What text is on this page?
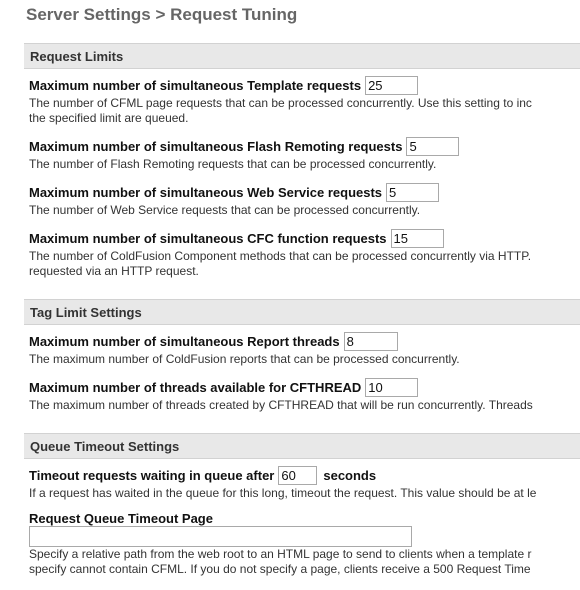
Server Settings > Request Tuning
Request Limits
Maximum number of simultaneous Template requests
25
The number of CFML page requests that can be processed concurrently. Use this setting to inc
the specified limit are queued.
Maximum number of simultaneous Flash Remoting requests
5
The number of Flash Remoting requests that can be processed concurrently.
Maximum number of simultaneous Web Service requests
5
The number of Web Service requests that can be processed concurrently.
Maximum number of simultaneous CFC function requests
15
The number of ColdFusion Component methods that can be processed concurrently via HTTP.
requested via an HTTP request.
Tag Limit Settings
Maximum number of simultaneous Report threads
8
The maximum number of ColdFusion reports that can be processed concurrently.
Maximum number of threads available for CFTHREAD
10
The maximum number of threads created by CFTHREAD that will be run concurrently. Threads
Queue Timeout Settings
Timeout requests waiting in queue after
60	seconds
If a request has waited in the queue for this long, timeout the request. This value should be at le
Request Queue Timeout Page
Specify a relative path from the web root to an HTML page to send to clients when a template r
specify cannot contain CFML. If you do not specify a page, clients receive a 500 Request Time
